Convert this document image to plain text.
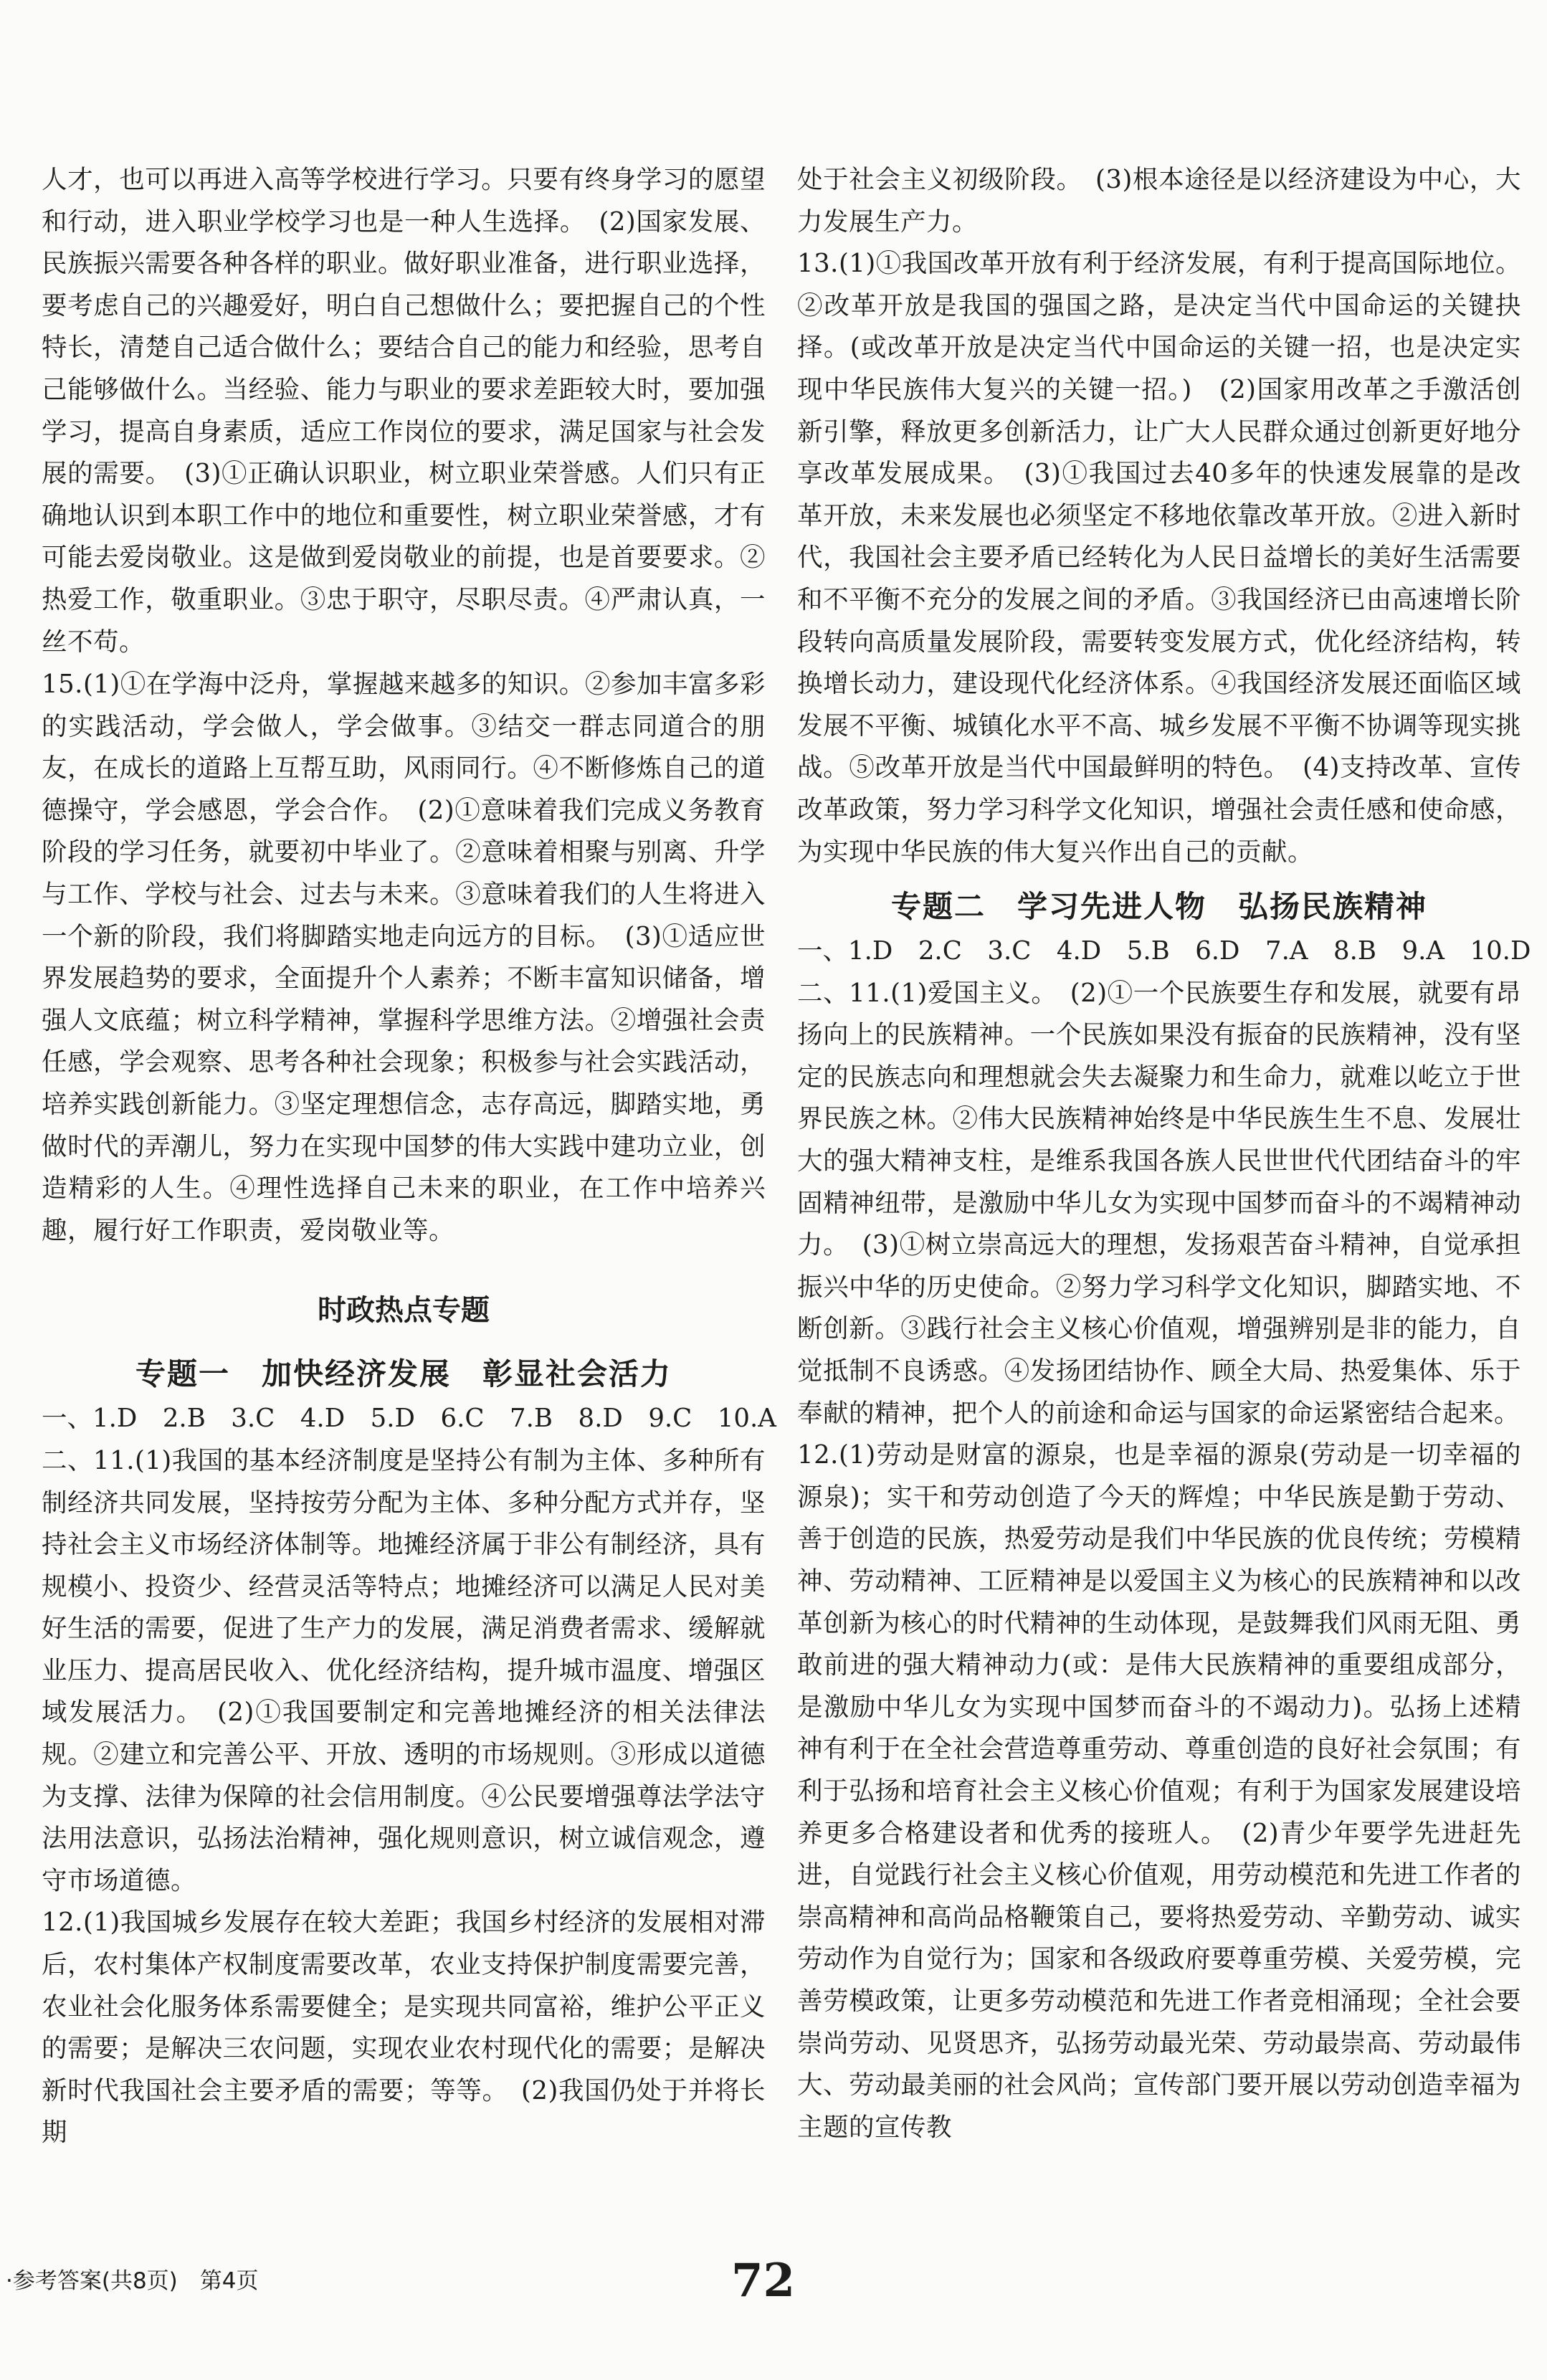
人才，也可以再进入高等学校进行学习。只要有终身学习的愿望和行动，进入职业学校学习也是一种人生选择。　(2)国家发展、民族振兴需要各种各样的职业。做好职业准备，进行职业选择，要考虑自己的兴趣爱好，明白自己想做什么；要把握自己的个性特长，清楚自己适合做什么；要结合自己的能力和经验，思考自己能够做什么。当经验、能力与职业的要求差距较大时，要加强学习，提高自身素质，适应工作岗位的要求，满足国家与社会发展的需要。　(3)①正确认识职业，树立职业荣誉感。人们只有正确地认识到本职工作中的地位和重要性，树立职业荣誉感，才有可能去爱岗敬业。这是做到爱岗敬业的前提，也是首要要求。②热爱工作，敬重职业。③忠于职守，尽职尽责。④严肃认真，一丝不苟。

15.(1)①在学海中泛舟，掌握越来越多的知识。②参加丰富多彩的实践活动，学会做人，学会做事。③结交一群志同道合的朋友，在成长的道路上互帮互助，风雨同行。④不断修炼自己的道德操守，学会感恩，学会合作。　(2)①意味着我们完成义务教育阶段的学习任务，就要初中毕业了。②意味着相聚与别离、升学与工作、学校与社会、过去与未来。③意味着我们的人生将进入一个新的阶段，我们将脚踏实地走向远方的目标。　(3)①适应世界发展趋势的要求，全面提升个人素养；不断丰富知识储备，增强人文底蕴；树立科学精神，掌握科学思维方法。②增强社会责任感，学会观察、思考各种社会现象；积极参与社会实践活动，培养实践创新能力。③坚定理想信念，志存高远，脚踏实地，勇做时代的弄潮儿，努力在实现中国梦的伟大实践中建功立业，创造精彩的人生。④理性选择自己未来的职业，在工作中培养兴趣，履行好工作职责，爱岗敬业等。

时政热点专题
专题一　加快经济发展　彰显社会活力

一、1.D　2.B　3.C　4.D　5.D　6.C　7.B　8.D　9.C　10.A

二、11.(1)我国的基本经济制度是坚持公有制为主体、多种所有制经济共同发展，坚持按劳分配为主体、多种分配方式并存，坚持社会主义市场经济体制等。地摊经济属于非公有制经济，具有规模小、投资少、经营灵活等特点；地摊经济可以满足人民对美好生活的需要，促进了生产力的发展，满足消费者需求、缓解就业压力、提高居民收入、优化经济结构，提升城市温度、增强区域发展活力。　(2)①我国要制定和完善地摊经济的相关法律法规。②建立和完善公平、开放、透明的市场规则。③形成以道德为支撑、法律为保障的社会信用制度。④公民要增强尊法学法守法用法意识，弘扬法治精神，强化规则意识，树立诚信观念，遵守市场道德。

12.(1)我国城乡发展存在较大差距；我国乡村经济的发展相对滞后，农村集体产权制度需要改革，农业支持保护制度需要完善，农业社会化服务体系需要健全；是实现共同富裕，维护公平正义的需要；是解决三农问题，实现农业农村现代化的需要；是解决新时代我国社会主要矛盾的需要；等等。　(2)我国仍处于并将长期

处于社会主义初级阶段。　(3)根本途径是以经济建设为中心，大力发展生产力。

13.(1)①我国改革开放有利于经济发展，有利于提高国际地位。②改革开放是我国的强国之路，是决定当代中国命运的关键抉择。(或改革开放是决定当代中国命运的关键一招，也是决定实现中华民族伟大复兴的关键一招。)　(2)国家用改革之手激活创新引擎，释放更多创新活力，让广大人民群众通过创新更好地分享改革发展成果。　(3)①我国过去40多年的快速发展靠的是改革开放，未来发展也必须坚定不移地依靠改革开放。②进入新时代，我国社会主要矛盾已经转化为人民日益增长的美好生活需要和不平衡不充分的发展之间的矛盾。③我国经济已由高速增长阶段转向高质量发展阶段，需要转变发展方式，优化经济结构，转换增长动力，建设现代化经济体系。④我国经济发展还面临区域发展不平衡、城镇化水平不高、城乡发展不平衡不协调等现实挑战。⑤改革开放是当代中国最鲜明的特色。　(4)支持改革、宣传改革政策，努力学习科学文化知识，增强社会责任感和使命感，为实现中华民族的伟大复兴作出自己的贡献。

专题二　学习先进人物　弘扬民族精神

一、1.D　2.C　3.C　4.D　5.B　6.D　7.A　8.B　9.A　10.D

二、11.(1)爱国主义。　(2)①一个民族要生存和发展，就要有昂扬向上的民族精神。一个民族如果没有振奋的民族精神，没有坚定的民族志向和理想就会失去凝聚力和生命力，就难以屹立于世界民族之林。②伟大民族精神始终是中华民族生生不息、发展壮大的强大精神支柱，是维系我国各族人民世世代代团结奋斗的牢固精神纽带，是激励中华儿女为实现中国梦而奋斗的不竭精神动力。　(3)①树立崇高远大的理想，发扬艰苦奋斗精神，自觉承担振兴中华的历史使命。②努力学习科学文化知识，脚踏实地、不断创新。③践行社会主义核心价值观，增强辨别是非的能力，自觉抵制不良诱惑。④发扬团结协作、顾全大局、热爱集体、乐于奉献的精神，把个人的前途和命运与国家的命运紧密结合起来。

12.(1)劳动是财富的源泉，也是幸福的源泉(劳动是一切幸福的源泉)；实干和劳动创造了今天的辉煌；中华民族是勤于劳动、善于创造的民族，热爱劳动是我们中华民族的优良传统；劳模精神、劳动精神、工匠精神是以爱国主义为核心的民族精神和以改革创新为核心的时代精神的生动体现，是鼓舞我们风雨无阻、勇敢前进的强大精神动力(或：是伟大民族精神的重要组成部分，是激励中华儿女为实现中国梦而奋斗的不竭动力)。弘扬上述精神有利于在全社会营造尊重劳动、尊重创造的良好社会氛围；有利于弘扬和培育社会主义核心价值观；有利于为国家发展建设培养更多合格建设者和优秀的接班人。　(2)青少年要学先进赶先进，自觉践行社会主义核心价值观，用劳动模范和先进工作者的崇高精神和高尚品格鞭策自己，要将热爱劳动、辛勤劳动、诚实劳动作为自觉行为；国家和各级政府要尊重劳模、关爱劳模，完善劳模政策，让更多劳动模范和先进工作者竞相涌现；全社会要崇尚劳动、见贤思齐，弘扬劳动最光荣、劳动最崇高、劳动最伟大、劳动最美丽的社会风尚；宣传部门要开展以劳动创造幸福为主题的宣传教

·参考答案(共8页)　第4页	72
